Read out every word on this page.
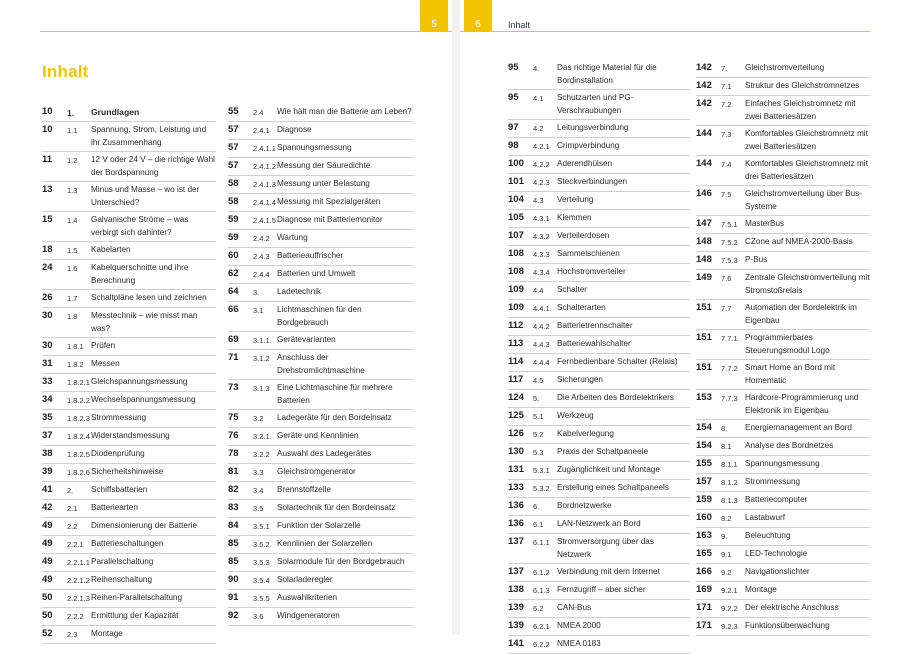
5
Inhalt
10	1.	Grundlagen
10	1.1	Spannung, Strom, Leistung und ihr Zusammenhang
11	1.2	12 V oder 24 V – die richtige Wahl der Bordspannung
13	1.3	Minus und Masse – wo ist der Unterschied?
15	1.4	Galvanische Ströme – was verbirgt sich dahinter?
18	1.5	Kabelarten
24	1.6	Kabelquerschnitte und ihre Berechnung
26	1.7	Schaltpläne lesen und zeichnen
30	1.8	Messtechnik – wie misst man was?
30	1.8.1 Prüfen
31	1.8.2 Messen
33	1.8.2.1 Gleichspannungsmessung
34	1.8.2.2 Wechselspannungsmessung
35	1.8.2.3 Strommessung
37	1.8.2.4 Widerstandsmessung
38	1.8.2.5 Diodenprüfung
39	1.8.2.6 Sicherheitshinweise
41	2.	Schiffsbatterien
42	2.1	Batteriearten
49	2.2	Dimensionierung der Batterie
49	2.2.1 Batterieschaltungen
49	2.2.1.1 Parallelschaltung
49	2.2.1.2 Reihenschaltung
50	2.2.1.3 Reihen-Parallelschaltung
50	2.2.2 Ermittlung der Kapazität
52	2.3	Montage
55	2.4	Wie hält man die Batterie am Leben?
57	2.4.1 Diagnose
57	2.4.1.1 Spannungsmessung
57	2.4.1.2 Messung der Säuredichte
58	2.4.1.3 Messung unter Belastung
58	2.4.1.4 Messung mit Spezialgeräten
59	2.4.1.5 Diagnose mit Batteriemonitor
59	2.4.2 Wartung
60	2.4.3 Batterieauffrischer
62	2.4.4 Batterien und Umwelt
64	3.	Ladetechnik
66	3.1	Lichtmaschinen für den Bordgebrauch
69	3.1.1 Gerätevarianten
71	3.1.2 Anschluss der Drehstromlichtmaschine
73	3.1.3 Eine Lichtmaschine für mehrere Batterien
75	3.2	Ladegeräte für den Bordeinsatz
76	3.2.1 Geräte und Kennlinien
78	3.2.2 Auswahl des Ladegerätes
81	3.3	Gleichstromgenerator
82	3.4	Brennstoffzelle
83	3.5	Solartechnik für den Bordeinsatz
84	3.5.1 Funktion der Solarzelle
85	3.5.2 Kennlinien der Solarzellen
85	3.5.3 Solarmodule für den Bordgebrauch
90	3.5.4 Solarladeregler
91	3.5.5 Auswahlkriterien
92	3.6	Windgeneratoren
6	Inhalt
95	4.	Das richtige Material für die Bordinstallation
95	4.1	Schutzarten und PG-Verschraubungen
97	4.2	Leitungsverbindung
98	4.2.1 Crimpverbindung
100	4.2.2 Aderendhülsen
101	4.2.3 Steckverbindungen
104	4.3	Verteilung
105	4.3.1 Klemmen
107	4.3.2 Verteilerdosen
108	4.3.3 Sammelschienen
108	4.3.4 Hochstromverteiler
109	4.4	Schalter
109	4.4.1 Schalterarten
112	4.4.2 Batterietrennschalter
113	4.4.3 Batteriewahlschalter
114	4.4.4 Fernbedienbare Schalter (Relais)
117	4.5	Sicherungen
124	5.	Die Arbeiten des Bordelektrikers
125	5.1	Werkzeug
126	5.2	Kabelverlegung
130	5.3	Praxis der Schaltpaneele
131	5.3.1 Zugänglichkeit und Montage
133	5.3.2 Erstellung eines Schaltpaneels
136	6.	Bordnetzwerke
136	6.1	LAN-Netzwerk an Bord
137	6.1.1 Stromversorgung über das Netzwerk
137	6.1.2 Verbindung mit dem Internet
138	6.1.3 Fernzugriff – aber sicher
139	6.2	CAN-Bus
139	6.2.1 NMEA 2000
141	6.2.2 NMEA 0183
142	7.	Gleichstromverteilung
142	7.1	Struktur des Gleichstromnetzes
142	7.2	Einfaches Gleichstromnetz mit zwei Batteriesätzen
144	7.3	Komfortables Gleichstromnetz mit zwei Batteriesätzen
144	7.4	Komfortables Gleichstromnetz mit drei Batteriesätzen
146	7.5	Gleichstromverteilung über Bus-Systeme
147	7.5.1 MasterBus
148	7.5.2 CZone auf NMEA-2000-Basis
148	7.5.3 P-Bus
149	7.6	Zentrale Gleichstromverteilung mit Stromstoßrelais
151	7.7	Automation der Bordelektrik im Eigenbau
151	7.7.1 Programmierbares Steuerungsmodul Logo
151	7.7.2 Smart Home an Bord mit Homematic
153	7.7.3 Hardcore-Programmierung und Elektronik im Eigenbau
154	8.	Energiemanagement an Bord
154	8.1	Analyse des Bordnetzes
155	8.1.1 Spannungsmessung
157	8.1.2 Strommessung
159	8.1.3 Batteriecomputer
160	8.2	Lastabwurf
163	9.	Beleuchtung
165	9.1	LED-Technologie
166	9.2	Navigationslichter
169	9.2.1 Montage
171	9.2.2 Der elektrische Anschluss
171	9.2.3 Funktionsüberwachung
